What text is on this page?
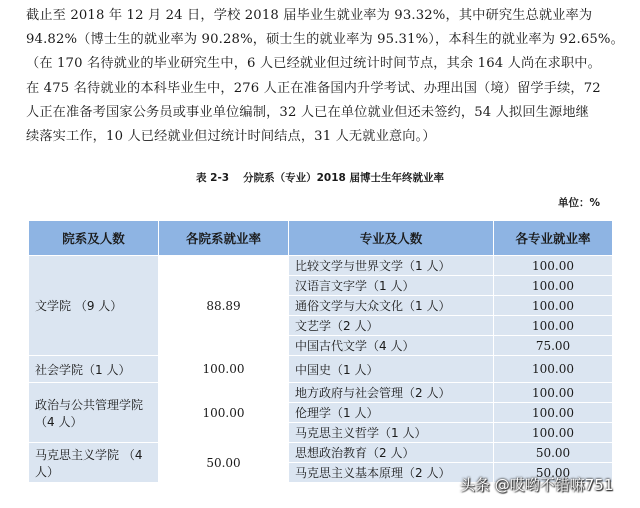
截止至 2018 年 12 月 24 日，学校 2018 届毕业生就业率为 93.32%，其中研究生总就业率为
94.82%（博士生的就业率为 90.28%，硕士生的就业率为 95.31%），本科生的就业率为 92.65%。
（在 170 名待就业的毕业研究生中，6 人已经就业但过统计时间节点，其余 164 人尚在求职中。
在 475 名待就业的本科毕业生中，276 人正在准备国内升学考试、办理出国（境）留学手续，72
人正在准备考国家公务员或事业单位编制，32 人已在单位就业但还未签约，54 人拟回生源地继
续落实工作，10 人已经就业但过统计时间结点，31 人无就业意向。）
表 2-3 分院系（专业）2018 届博士生年终就业率
单位：%
院系及人数	各院系就业率	专业及人数	各专业就业率
文学院 （9 人）	88.89	比较文学与世界文学（1 人）	100.00
		汉语言文字学（1 人）	100.00
		通俗文学与大众文化（1 人）	100.00
		文艺学（2 人）	100.00
		中国古代文学（4 人）	75.00
社会学院（1 人）	100.00	中国史（1 人）	100.00
政治与公共管理学院 （4 人）	100.00	地方政府与社会管理（2 人）	100.00
		伦理学（1 人）	100.00
		马克思主义哲学（1 人）	100.00
马克思主义学院 （4 人）	50.00	思想政治教育（2 人）	50.00
		马克思主义基本原理（2 人）	50.00
头条 @哎哟不错嘛751
